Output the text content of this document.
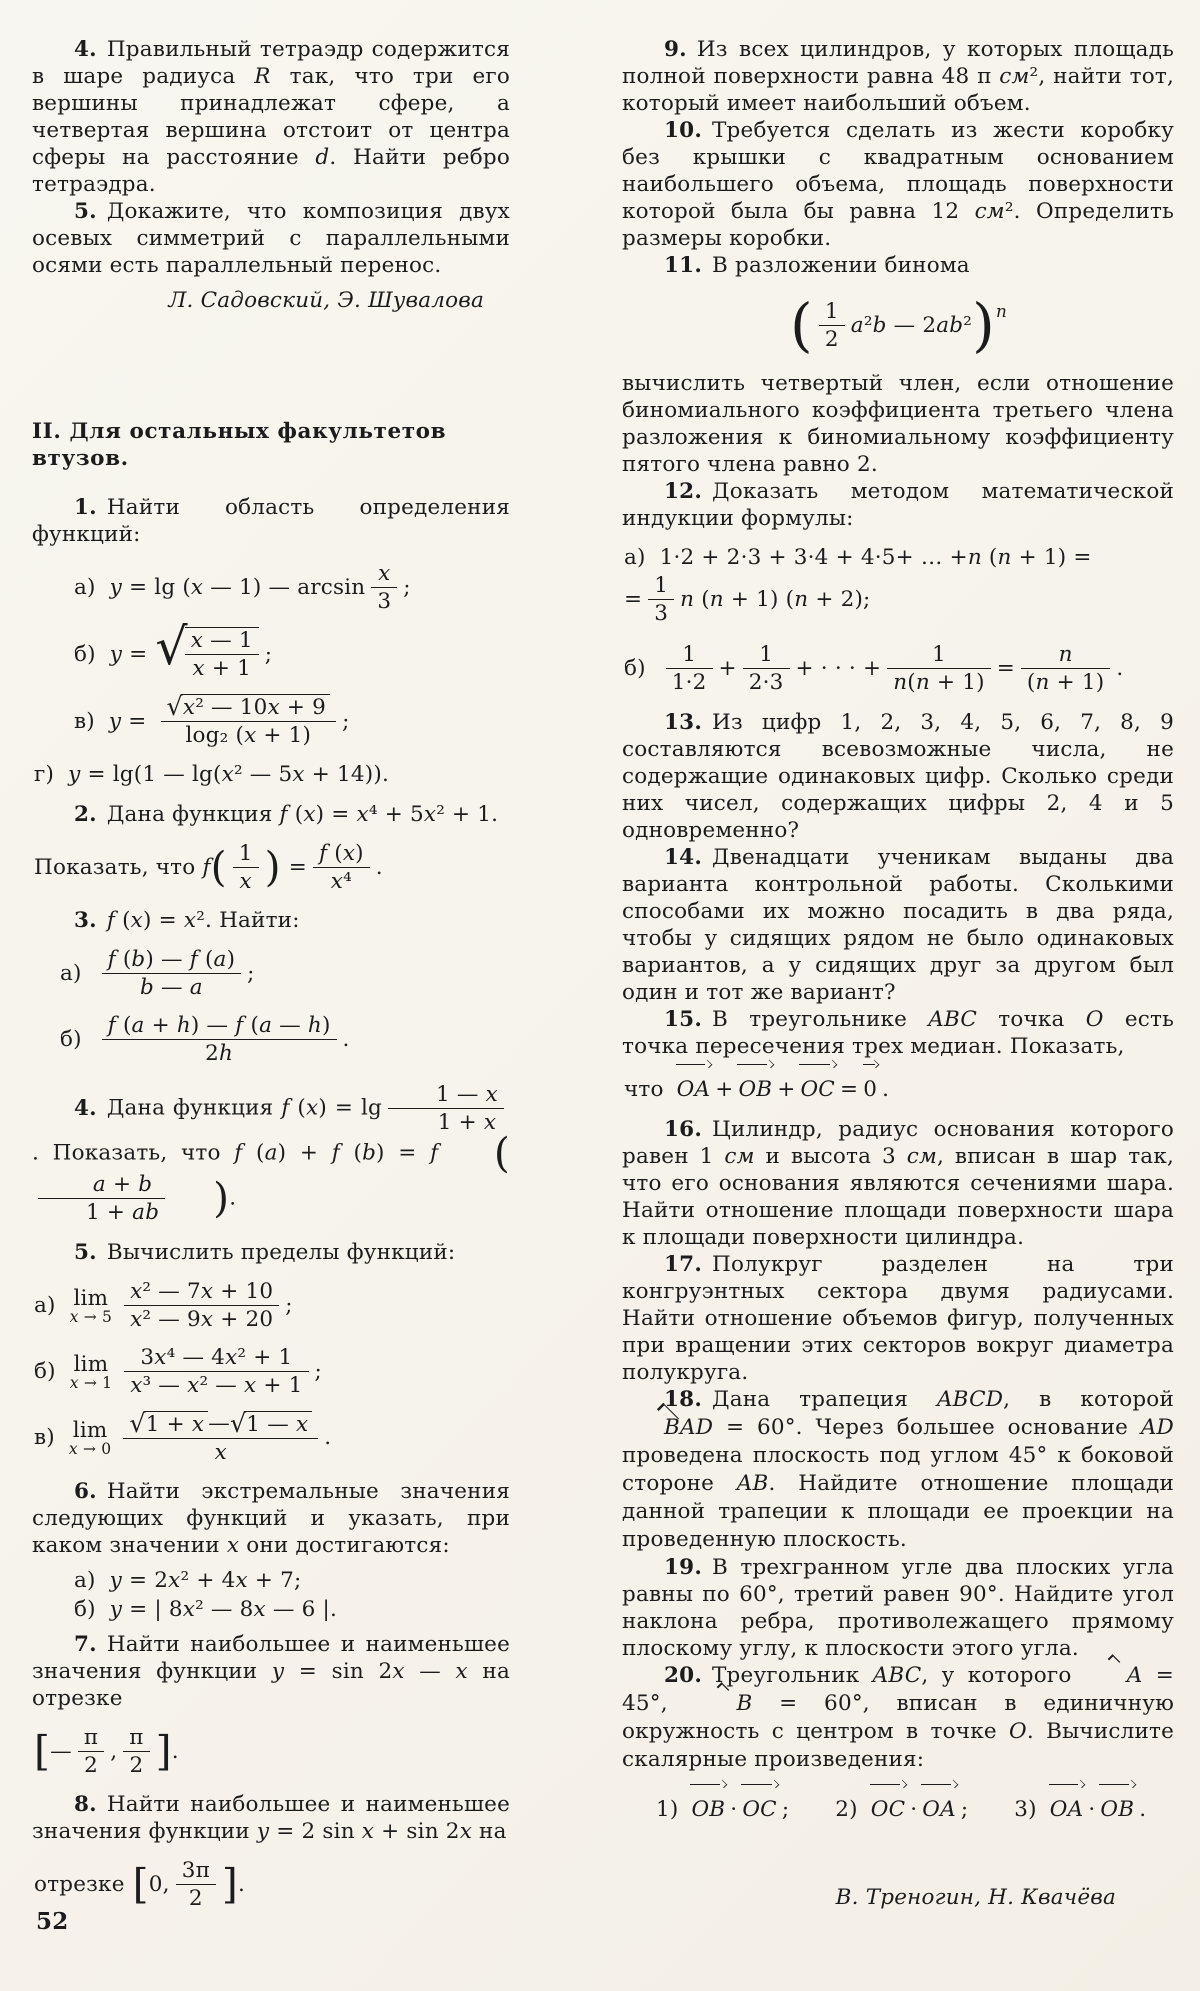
4. Правильный тетраэдр содержится в шаре радиуса R так, что три его вершины принадлежат сфере, а четвертая вершина отстоит от центра сферы на расстояние d. Найти ребро тетраэдра.

5. Докажите, что композиция двух осевых симметрий с параллельными осями есть параллельный перенос.

Л. Садовский, Э. Шувалова

II. Для остальных факультетов втузов.

1. Найти область определения функций:

а) y = lg (x — 1) — $\arcsin \frac{x}{3}$ ;
б) y = √
$\frac{x — 1}{x + 1}$ ;
в) $y = \frac{\text{√ x² — 10x + 9}}{\text{log₂ (x + 1)}}$ ;
г) y = lg(1 — lg(x² — 5x + 14)).

2. Дана функция f (x) = x⁴ + 5x² + 1.

Показать, что f ( $\frac{1}{x}$ ) = $\frac{f (x)}{\text{x⁴}}$ .

3. f (x) = x². Найти:

$а) \frac{f (b) — f (a)}{b — a}$ ;
$б) \frac{f (a + h) — f (a — h)}{2h}$ .

4. Дана функция f $(x) = \lg \frac{1 — x}{1 + x}$
. Показать, что f (a) + f (b) = f (
$\frac{a + b}{1 + ab}$ ).

5. Вычислить пределы функций:

а) lim
$x \to 5 \frac{\text{x² — 7x + 10}}{\text{x² — 9x + 20}}$ ;
б) lim
$x \to 1 \frac{\text{3x⁴ — 4x² + 1}}{\text{x³ — x² — x + 1}}$ ;
в) lim
$x \to 0 \frac{√ 1 + x — √ 1 — x}{x}$ .

6. Найти экстремальные значения следующих функций и указать, при каком значении x они достигаются:

а) y = 2x² + 4x + 7;
б) y = | 8x² — 8x — 6 |.

7. Найти наибольшее и наименьшее значения функции y = sin 2x — x на отрезке

[ — $\frac{\pi}{2}$ , $\frac{\pi}{2}$ ] .

8. Найти наибольшее и наименьшее значения функции y = 2 sin x + sin 2x на

отрезке [ 0, $\frac{3\pi}{2}$ ] .

9. Из всех цилиндров, у которых площадь полной поверхности равна 48 π см², найти тот, который имеет наибольший объем.

10. Требуется сделать из жести коробку без крышки с квадратным основанием наибольшего объема, площадь поверхности которой была бы равна 12 см². Определить размеры коробки.

11. В разложении бинома

( $\frac{1}{2} a^2b$ — 2ab² ) $^n$

вычислить четвертый член, если отношение биномиального коэффициента третьего члена разложения к биномиальному коэффициенту пятого члена равно 2.

12. Доказать методом математической индукции формулы:

а) 1·2 + 2·3 + 3·4 + 4·5+ … +n (n + 1) =
= $\frac{1}{3}$ n (n + 1) (n + 2);
$б) \frac{1}{1\cdot 2} + \frac{1}{2\cdot 3}$ + · · · + $\frac{1}{n(n + 1)} = \frac{n}{(n + 1)}$ .

13. Из цифр 1, 2, 3, 4, 5, 6, 7, 8, 9 составляются всевозможные числа, не содержащие одинаковых цифр. Сколько среди них чисел, содержащих цифры 2, 4 и 5 одновременно?

14. Двенадцати ученикам выданы два варианта контрольной работы. Сколькими способами их можно посадить в два ряда, чтобы у сидящих рядом не было одинаковых вариантов, а у сидящих друг за другом был один и тот же вариант?

15. В треугольнике ABC точка O есть точка пересечения трех медиан. Показать,

что OA + OB + OC = 0 .

16. Цилиндр, радиус основания которого равен 1 см и высота 3 см, вписан в шар так, что его основания являются сечениями шара. Найти отношение площади поверхности шара к площади поверхности цилиндра.

17. Полукруг разделен на три конгруэнтных сектора двумя радиусами. Найти отношение объемов фигур, полученных при вращении этих секторов вокруг диаметра полукруга.

18. Дана трапеция ABCD, в которой BAD = 60°. Через большее основание AD проведена плоскость под углом 45° к боковой стороне AB. Найдите отношение площади данной трапеции к площади ее проекции на проведенную плоскость.

19. В трехгранном угле два плоских угла равны по 60°, третий равен 90°. Найдите угол наклона ребра, противолежащего прямому плоскому углу, к плоскости этого угла.

20. Треугольник ABC, у которого	A = 45°,	B = 60°, вписан в единичную окружность с центром в точке O. Вычислите скалярные произведения:

1) OB · OC ; 2) OC · OA ; 3) OA · OB .

В. Треногин, Н. Квачёва

52
